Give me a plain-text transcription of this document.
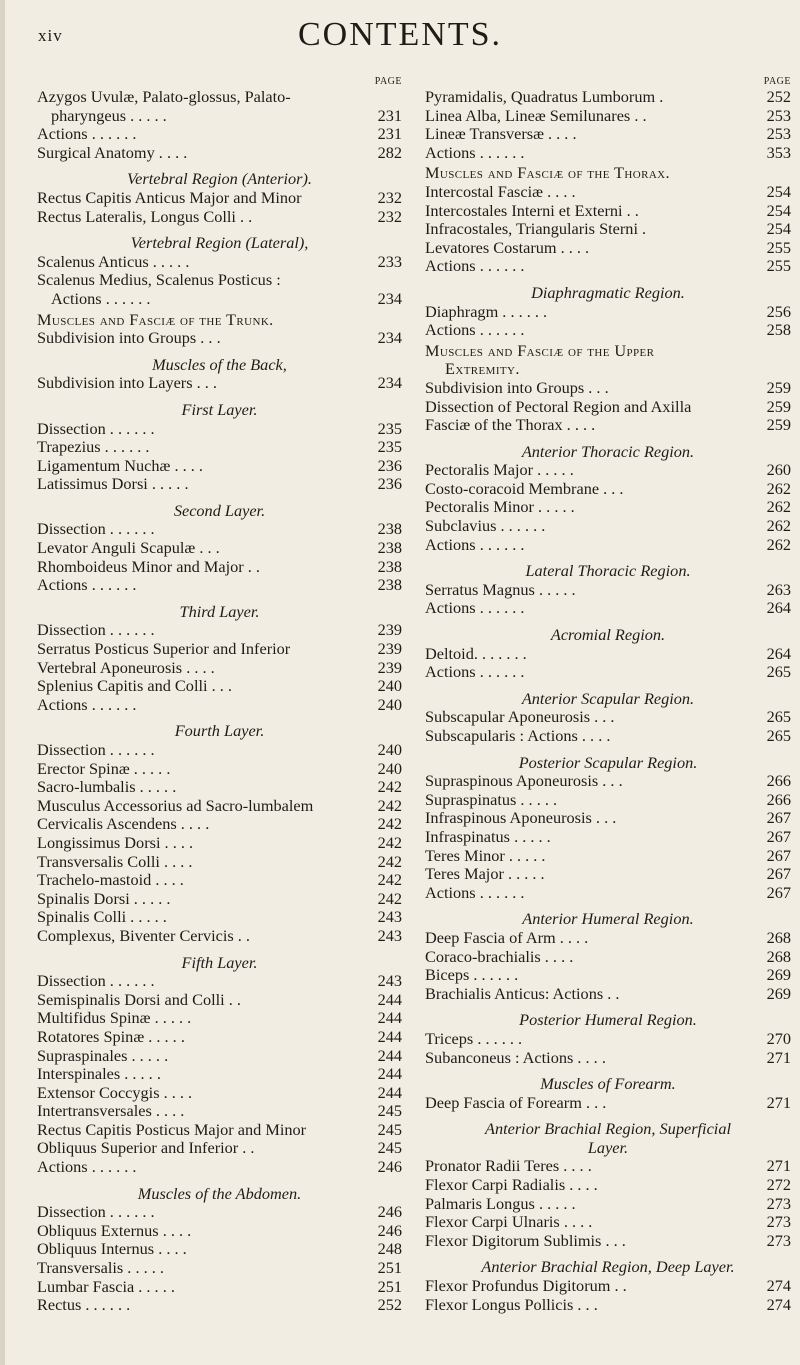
xiv	CONTENTS.
PAGE
Azygos Uvulæ, Palato-glossus, Palato-
pharyngeus . . . . .	231
Actions . . . . . .	231
Surgical Anatomy . . . .	282
Vertebral Region (Anterior).
Rectus Capitis Anticus Major and Minor	232
Rectus Lateralis, Longus Colli . .	232
Vertebral Region (Lateral),
Scalenus Anticus . . . . .	233
Scalenus Medius, Scalenus Posticus :
Actions . . . . . .	234
Muscles and Fasciæ of the Trunk.
Subdivision into Groups . . .	234
Muscles of the Back,
Subdivision into Layers . . .	234
First Layer.
Dissection . . . . . .	235
Trapezius . . . . . .	235
Ligamentum Nuchæ . . . .	236
Latissimus Dorsi . . . . .	236
Second Layer.
Dissection . . . . . .	238
Levator Anguli Scapulæ . . .	238
Rhomboideus Minor and Major . .	238
Actions . . . . . .	238
Third Layer.
Dissection . . . . . .	239
Serratus Posticus Superior and Inferior	239
Vertebral Aponeurosis . . . .	239
Splenius Capitis and Colli . . .	240
Actions . . . . . .	240
Fourth Layer.
Dissection . . . . . .	240
Erector Spinæ . . . . .	240
Sacro-lumbalis . . . . .	242
Musculus Accessorius ad Sacro-lumbalem	242
Cervicalis Ascendens . . . .	242
Longissimus Dorsi . . . .	242
Transversalis Colli . . . .	242
Trachelo-mastoid . . . .	242
Spinalis Dorsi . . . . .	242
Spinalis Colli . . . . .	243
Complexus, Biventer Cervicis . .	243
Fifth Layer.
Dissection . . . . . .	243
Semispinalis Dorsi and Colli . .	244
Multifidus Spinæ . . . . .	244
Rotatores Spinæ . . . . .	244
Supraspinales . . . . .	244
Interspinales . . . . .	244
Extensor Coccygis . . . .	244
Intertransversales . . . .	245
Rectus Capitis Posticus Major and Minor	245
Obliquus Superior and Inferior . .	245
Actions . . . . . .	246
Muscles of the Abdomen.
Dissection . . . . . .	246
Obliquus Externus . . . .	246
Obliquus Internus . . . .	248
Transversalis . . . . .	251
Lumbar Fascia . . . . .	251
Rectus . . . . . .	252
PAGE
Pyramidalis, Quadratus Lumborum .	252
Linea Alba, Lineæ Semilunares . .	253
Lineæ Transversæ . . . .	253
Actions . . . . . .	353
Muscles and Fasciæ of the Thorax.
Intercostal Fasciæ . . . .	254
Intercostales Interni et Externi . .	254
Infracostales, Triangularis Sterni .	254
Levatores Costarum . . . .	255
Actions . . . . . .	255
Diaphragmatic Region.
Diaphragm . . . . . .	256
Actions . . . . . .	258
Muscles and Fasciæ of the Upper
Extremity.
Subdivision into Groups . . .	259
Dissection of Pectoral Region and Axilla	259
Fasciæ of the Thorax . . . .	259
Anterior Thoracic Region.
Pectoralis Major . . . . .	260
Costo-coracoid Membrane . . .	262
Pectoralis Minor . . . . .	262
Subclavius . . . . . .	262
Actions . . . . . .	262
Lateral Thoracic Region.
Serratus Magnus . . . . .	263
Actions . . . . . .	264
Acromial Region.
Deltoid. . . . . . .	264
Actions . . . . . .	265
Anterior Scapular Region.
Subscapular Aponeurosis . . .	265
Subscapularis : Actions . . . .	265
Posterior Scapular Region.
Supraspinous Aponeurosis . . .	266
Supraspinatus . . . . .	266
Infraspinous Aponeurosis . . .	267
Infraspinatus . . . . .	267
Teres Minor . . . . .	267
Teres Major . . . . .	267
Actions . . . . . .	267
Anterior Humeral Region.
Deep Fascia of Arm . . . .	268
Coraco-brachialis . . . .	268
Biceps . . . . . .	269
Brachialis Anticus: Actions . .	269
Posterior Humeral Region.
Triceps . . . . . .	270
Subanconeus : Actions . . . .	271
Muscles of Forearm.
Deep Fascia of Forearm . . .	271
Anterior Brachial Region, Superficial
Layer.
Pronator Radii Teres . . . .	271
Flexor Carpi Radialis . . . .	272
Palmaris Longus . . . . .	273
Flexor Carpi Ulnaris . . . .	273
Flexor Digitorum Sublimis . . .	273
Anterior Brachial Region, Deep Layer.
Flexor Profundus Digitorum . .	274
Flexor Longus Pollicis . . .	274
